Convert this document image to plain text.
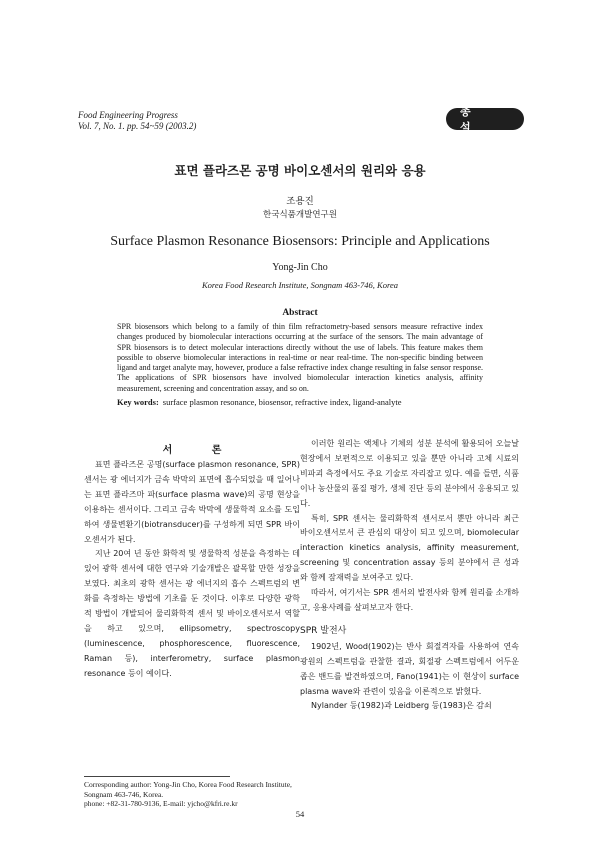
Food Engineering Progress
Vol. 7, No. 1. pp. 54~59 (2003.2)
총 설
표면 플라즈몬 공명 바이오센서의 원리와 응용
조용진
한국식품개발연구원
Surface Plasmon Resonance Biosensors: Principle and Applications
Yong-Jin Cho
Korea Food Research Institute, Songnam 463-746, Korea
Abstract
SPR biosensors which belong to a family of thin film refractometry-based sensors measure refractive index changes produced by biomolecular interactions occurring at the surface of the sensors. The main advantage of SPR biosensors is to detect molecular interactions directly without the use of labels. This feature makes them possible to observe biomolecular interactions in real-time or near real-time. The non-specific binding between ligand and target analyte may, however, produce a false refractive index change resulting in false sensor response. The applications of SPR biosensors have involved biomolecular interaction kinetics analysis, affinity measurement, screening and concentration assay, and so on.
Key words: surface plasmon resonance, biosensor, refractive index, ligand-analyte
서 론

표면 플라즈몬 공명(surface plasmon resonance, SPR) 센서는 광 에너지가 금속 박막의 표면에 흡수되었을 때 일어나는 표면 플라즈마 파(surface plasma wave)의 공명 현상을 이용하는 센서이다. 그리고 금속 박막에 생물학적 요소를 도입하여 생물변환기(biotransducer)를 구성하게 되면 SPR 바이오센서가 된다.

지난 20여 년 동안 화학적 및 생물학적 성분을 측정하는 데 있어 광학 센서에 대한 연구와 기술개발은 괄목할 만한 성장을 보였다. 최초의 광학 센서는 광 에너지의 흡수 스펙트럼의 변화를 측정하는 방법에 기초를 둔 것이다. 이후로 다양한 광학적 방법이 개발되어 물리화학적 센서 및 바이오센서로서 역할을 하고 있으며, ellipsometry, spectroscopy (luminescence, phosphorescence, fluorescence, Raman 등), interferometry, surface plasmon resonance 등이 예이다.

이러한 원리는 액체나 기체의 성분 분석에 활용되어 오늘날 현장에서 보편적으로 이용되고 있을 뿐만 아니라 고체 시료의 비파괴 측정에서도 주요 기술로 자리잡고 있다. 예를 들면, 식품이나 농산물의 품질 평가, 생체 진단 등의 분야에서 응용되고 있다.

특히, SPR 센서는 물리화학적 센서로서 뿐만 아니라 최근 바이오센서로서 큰 관심의 대상이 되고 있으며, biomolecular interaction kinetics analysis, affinity measurement, screening 및 concentration assay 등의 분야에서 큰 성과와 함께 잠재력을 보여주고 있다.

따라서, 여기서는 SPR 센서의 발전사와 함께 원리를 소개하고, 응용사례를 살펴보고자 한다.

SPR 발전사

1902년, Wood(1902)는 반사 회절격자를 사용하여 연속광원의 스펙트럼을 관찰한 결과, 회절광 스펙트럼에서 어두운 좁은 밴드를 발견하였으며, Fano(1941)는 이 현상이 surface plasma wave와 관련이 있음을 이론적으로 밝혔다.

Nylander 등(1982)과 Leidberg 등(1983)은 감쇠

Corresponding author: Yong-Jin Cho, Korea Food Research Institute, Songnam 463-746, Korea.
phone: +82-31-780-9136, E-mail: yjcho@kfri.re.kr
54
